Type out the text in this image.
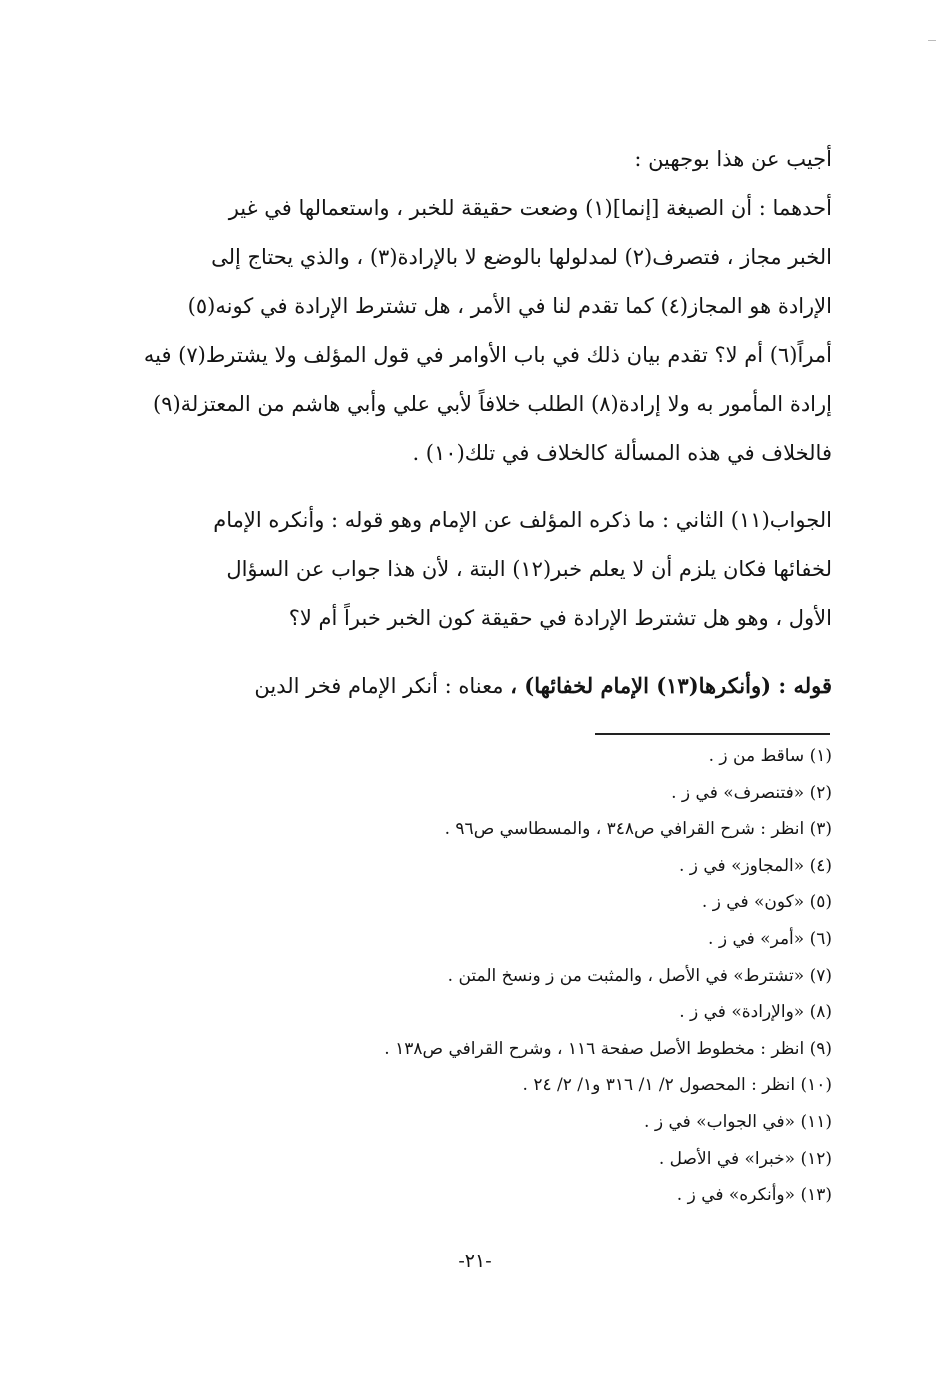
أجيب عن هذا بوجهين :

أحدهما : أن الصيغة [إنما](١) وضعت حقيقة للخبر ، واستعمالها في غير

الخبر مجاز ، فتصرف(٢) لمدلولها بالوضع لا بالإرادة(٣) ، والذي يحتاج إلى

الإرادة هو المجاز(٤) كما تقدم لنا في الأمر ، هل تشترط الإرادة في كونه(٥)

أمراً(٦) أم لا؟ تقدم بيان ذلك في باب الأوامر في قول المؤلف ولا يشترط(٧) فيه

إرادة المأمور به ولا إرادة(٨) الطلب خلافاً لأبي علي وأبي هاشم من المعتزلة(٩)

فالخلاف في هذه المسألة كالخلاف في تلك(١٠) .

الجواب(١١) الثاني : ما ذكره المؤلف عن الإمام وهو قوله : وأنكره الإمام

لخفائها فكان يلزم أن لا يعلم خبر(١٢) البتة ، لأن هذا جواب عن السؤال

الأول ، وهو هل تشترط الإرادة في حقيقة كون الخبر خبراً أم لا؟

قوله : (وأنكرها(١٣) الإمام لخفائها) ، معناه : أنكر الإمام فخر الدين

(١) ساقط من ز .

(٢) «فتنصرف» في ز .

(٣) انظر : شرح القرافي ص٣٤٨ ، والمسطاسي ص٩٦ .

(٤) «المجاوز» في ز .

(٥) «كون» في ز .

(٦) «أمر» في ز .

(٧) «تشترط» في الأصل ، والمثبت من ز ونسخ المتن .

(٨) «والإرادة» في ز .

(٩) انظر : مخطوط الأصل صفحة ١١٦ ، وشرح القرافي ص١٣٨ .

(١٠) انظر : المحصول ٢/ ١/ ٣١٦ و١/ ٢/ ٢٤ .

(١١) «في الجواب» في ز .

(١٢) «خبرا» في الأصل .

(١٣) «وأنكره» في ز .

-٢١-
